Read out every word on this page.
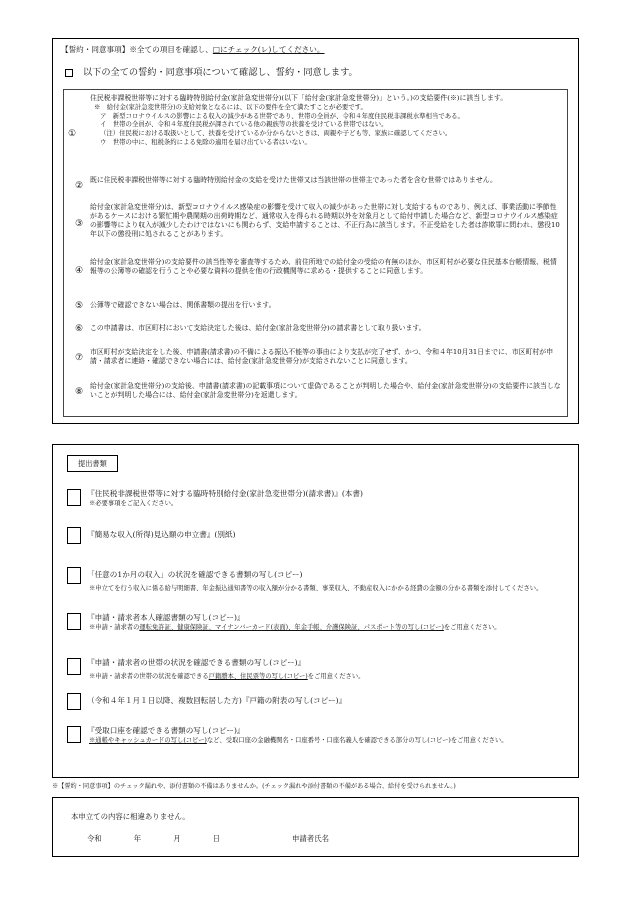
【誓約・同意事項】※全ての項目を確認し、□にチェック(レ)してください。
以下の全ての誓約・同意事項について確認し、誓約・同意します。
①
住民税非課税世帯等に対する臨時特別給付金(家計急変世帯分)(以下「給付金(家計急変世帯分)」という。)の支給要件(※)に該当します。
※　給付金(家計急変世帯分)の支給対象となるには、以下の要件を全て満たすことが必要です。
ア　新型コロナウイルスの影響による収入の減少がある世帯であり、世帯の全員が、令和４年度住民税非課税水準相当である。
イ　世帯の全員が、令和４年度住民税が課されている他の親族等の扶養を受けている世帯ではない。
（注）住民税における取扱いとして、扶養を受けているか分からないときは、両親や子ども等、家族に確認してください。
ウ　世帯の中に、租税条約による免除の適用を届け出ている者はいない。
②
既に住民税非課税世帯等に対する臨時特別給付金の支給を受けた世帯又は当該世帯の世帯主であった者を含む世帯ではありません。
③
給付金(家計急変世帯分)は、新型コロナウイルス感染症の影響を受けて収入の減少があった世帯に対し支給するものであり、例えば、事業活動に季節性があるケースにおける繁忙期や農閑期の出荷時期など、通常収入を得られる時期以外を対象月として給付申請した場合など、新型コロナウイルス感染症の影響等により収入が減少したわけではないにも関わらず、支給申請することは、不正行為に該当します。不正受給をした者は詐欺罪に問われ、懲役10年以下の懲役刑に処されることがあります。
④
給付金(家計急変世帯分)の支給要件の該当性等を審査等するため、前住所地での給付金の受給の有無のほか、市区町村が必要な住民基本台帳情報、税情報等の公簿等の確認を行うことや必要な資料の提供を他の行政機関等に求める・提供することに同意します。
⑤	公簿等で確認できない場合は、関係書類の提出を行います。
⑥	この申請書は、市区町村において支給決定した後は、給付金(家計急変世帯分)の請求書として取り扱います。
⑦
市区町村が支給決定をした後、申請書(請求書)の不備による振込不能等の事由により支払が完了せず、かつ、令和４年10月31日までに、市区町村が申請・請求者に連絡・確認できない場合には、給付金(家計急変世帯分)が支給されないことに同意します。
⑧
給付金(家計急変世帯分)の支給後、申請書(請求書)の記載事項について虚偽であることが判明した場合や、給付金(家計急変世帯分)の支給要件に該当しないことが判明した場合には、給付金(家計急変世帯分)を返還します。
提出書類
『住民税非課税世帯等に対する臨時特別給付金(家計急変世帯分)(請求書)』(本書)
※必要事項をご記入ください。
『簡易な収入(所得)見込額の申立書』(別紙)
「任意の1か月の収入」の状況を確認できる書類の写し(コピー)
※申立てを行う収入に係る給与明細書、年金振込通知書等の収入額が分かる書類、事業収入、不動産収入にかかる経費の金額の分かる書類を添付してください。
『申請・請求者本人確認書類の写し(コピー)』
※申請・請求者の運転免許証、健康保険証、マイナンバーカード(表面)、年金手帳、介護保険証、パスポート等の写し(コピー)をご用意ください。
『申請・請求者の世帯の状況を確認できる書類の写し(コピー)』
※申請・請求者の世帯の状況を確認できる戸籍謄本、住民票等の写し(コピー)をご用意ください。
（令和４年１月１日以降、複数回転居した方)『戸籍の附表の写し(コピー)』
『受取口座を確認できる書類の写し(コピー)』
※通帳やキャッシュカードの写し(コピー)など、受取口座の金融機関名・口座番号・口座名義人を確認できる部分の写し(コピー)をご用意ください。
※【誓約・同意事項】のチェック漏れや、添付書類の不備はありませんか。(チェック漏れや添付書類の不備がある場合、給付を受けられません。)
本申立ての内容に相違ありません。
令和	年	月	日	申請者氏名
